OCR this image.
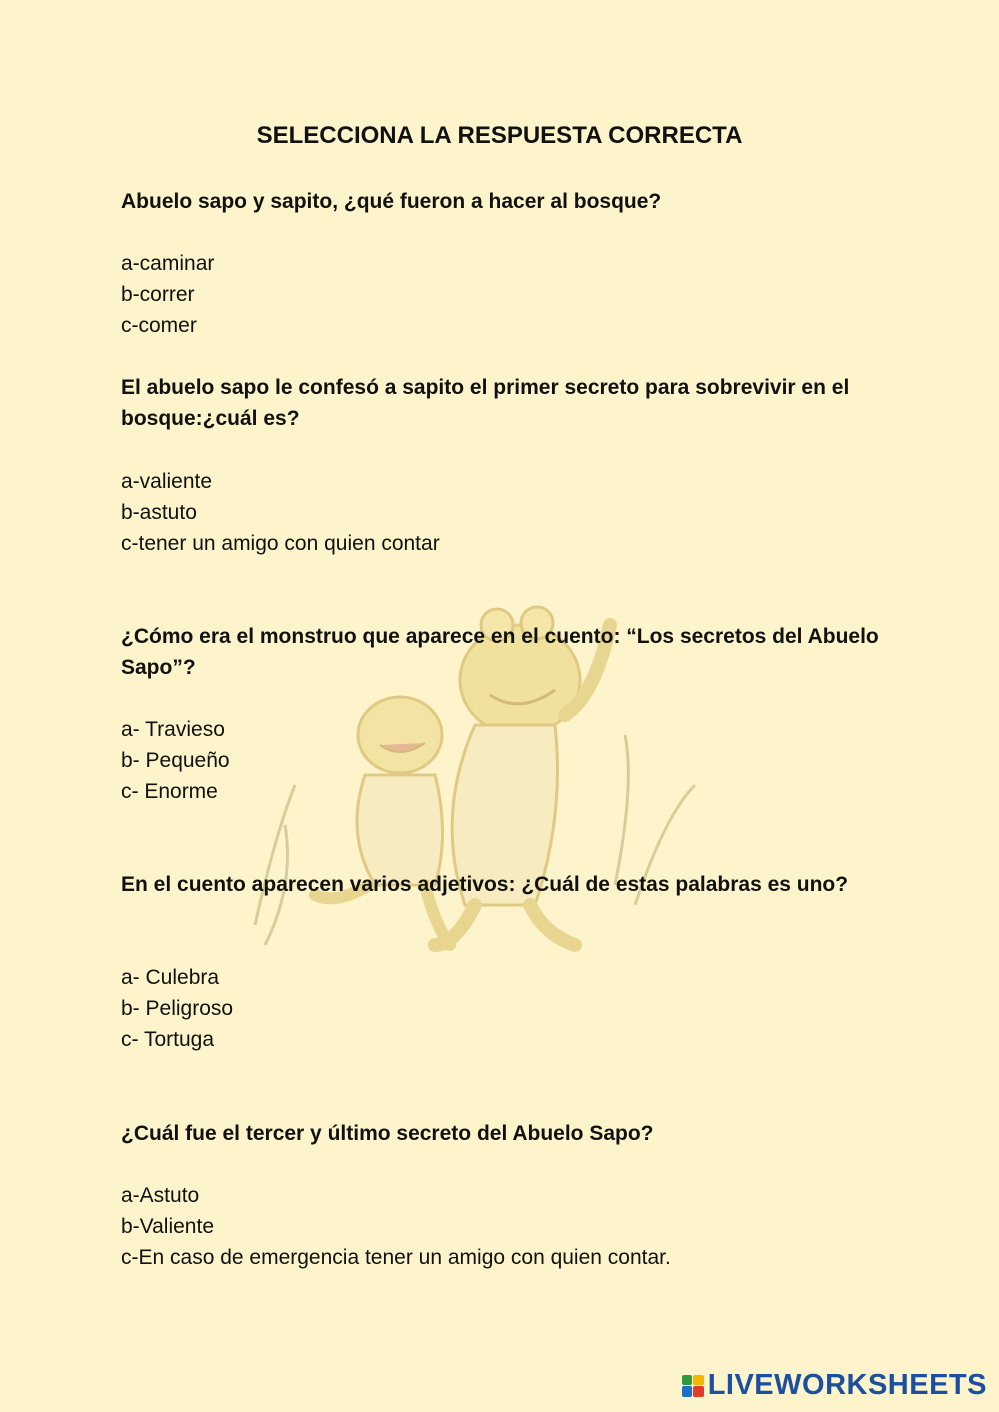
SELECCIONA LA RESPUESTA CORRECTA
Abuelo sapo y sapito, ¿qué fueron a hacer al bosque?
a-caminar
b-correr
c-comer
El abuelo sapo le confesó a sapito el primer secreto para sobrevivir en el bosque:¿cuál es?
a-valiente
b-astuto
c-tener un amigo con quien contar
¿Cómo era el monstruo que aparece en el cuento: “Los secretos del Abuelo Sapo”?
a- Travieso
b- Pequeño
c- Enorme
En el cuento aparecen varios adjetivos: ¿Cuál de estas palabras es uno?
a- Culebra
b- Peligroso
c- Tortuga
¿Cuál fue el tercer y último secreto del Abuelo Sapo?
a-Astuto
b-Valiente
c-En caso de emergencia tener un amigo con quien contar.
LIVEWORKSHEETS
